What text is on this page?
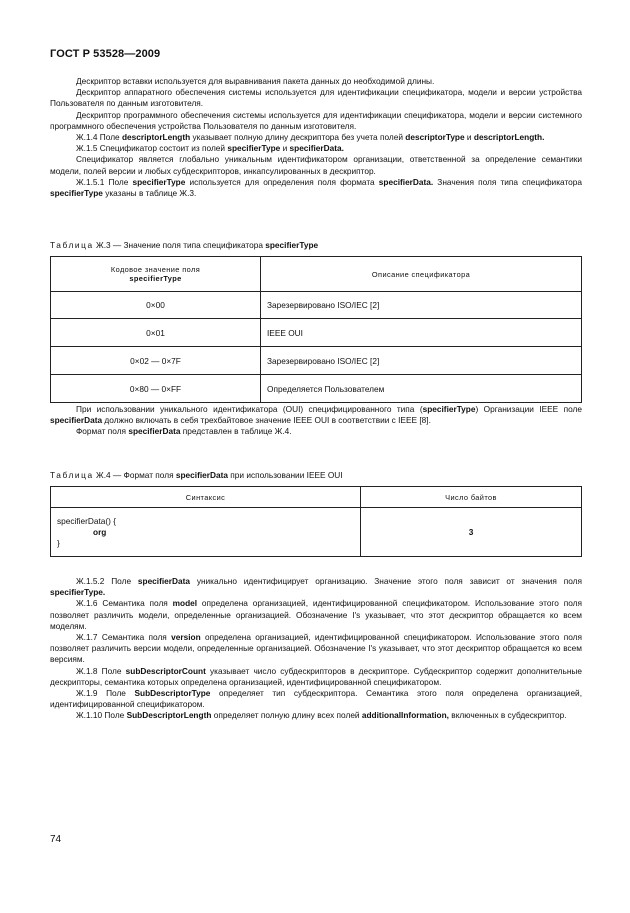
ГОСТ Р 53528—2009

Дескриптор вставки используется для выравнивания пакета данных до необходимой длины.

Дескриптор аппаратного обеспечения системы используется для идентификации спецификатора, модели и версии устройства Пользователя по данным изготовителя.

Дескриптор программного обеспечения системы используется для идентификации спецификатора, модели и версии системного программного обеспечения устройства Пользователя по данным изготовителя.

Ж.1.4 Поле descriptorLength указывает полную длину дескриптора без учета полей descriptorType и descriptorLength.

Ж.1.5 Спецификатор состоит из полей specifierType и specifierData.

Спецификатор является глобально уникальным идентификатором организации, ответственной за определение семантики модели, полей версии и любых субдескрипторов, инкапсулированных в дескриптор.

Ж.1.5.1 Поле specifierType используется для определения поля формата specifierData. Значения поля типа спецификатора specifierType указаны в таблице Ж.3.

Таблица Ж.3 — Значение поля типа спецификатора specifierType
Кодовое значение поля
specifierType	Описание спецификатора
0×00	Зарезервировано ISO/IEC [2]
0×01	IEEE OUI
0×02 — 0×7F	Зарезервировано ISO/IEC [2]
0×80 — 0×FF	Определяется Пользователем

При использовании уникального идентификатора (OUI) специфицированного типа (specifierType) Организации IEEE поле specifierData должно включать в себя трехбайтовое значение IEEE OUI в соответствии с IEEE [8].

Формат поля specifierData представлен в таблице Ж.4.

Таблица Ж.4 — Формат поля specifierData при использовании IEEE OUI
Синтаксис	Число байтов

specifierData() {
org
}	3

Ж.1.5.2 Поле specifierData уникально идентифицирует организацию. Значение этого поля зависит от значения поля specifierType.

Ж.1.6 Семантика поля model определена организацией, идентифицированной спецификатором. Использование этого поля позволяет различить модели, определенные организацией. Обозначение I's указывает, что этот дескриптор обращается ко всем моделям.

Ж.1.7 Семантика поля version определена организацией, идентифицированной спецификатором. Использование этого поля позволяет различить версии модели, определенные организацией. Обозначение I's указывает, что этот дескриптор обращается ко всем версиям.

Ж.1.8 Поле subDescriptorCount указывает число субдескрипторов в дескрипторе. Субдескриптор содержит дополнительные дескрипторы, семантика которых определена организацией, идентифицированной спецификатором.

Ж.1.9 Поле SubDescriptorType определяет тип субдескриптора. Семантика этого поля определена организацией, идентифицированной спецификатором.

Ж.1.10 Поле SubDescriptorLength определяет полную длину всех полей additionalInformation, включенных в субдескриптор.

74
